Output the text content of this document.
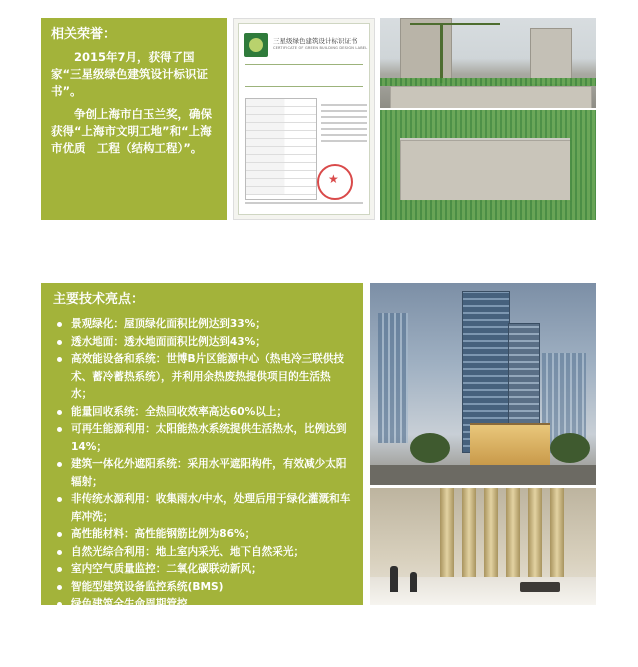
相关荣誉：

2015年7月，获得了国家“三星级绿色建筑设计标识证书”。

争创上海市白玉兰奖，确保获得“上海市文明工地”和“上海市优质　工程（结构工程）”。

三星级绿色建筑设计标识证书
CERTIFICATE OF GREEN BUILDING DESIGN LABEL
★
主要技术亮点：
景观绿化：屋顶绿化面积比例达到33%；
透水地面：透水地面面积比例达到43%；
高效能设备和系统：世博B片区能源中心（热电冷三联供技术、蓄冷蓄热系统），并利用余热废热提供项目的生活热水；
能量回收系统：全热回收效率高达60%以上；
可再生能源利用：太阳能热水系统提供生活热水，比例达到14%；
建筑一体化外遮阳系统：采用水平遮阳构件，有效减少太阳辐射；
非传统水源利用：收集雨水/中水，处理后用于绿化灌溉和车库冲洗；
高性能材料：高性能钢筋比例为86%；
自然光综合利用：地上室内采光、地下自然采光；
室内空气质量监控：二氧化碳联动新风；
智能型建筑设备监控系统(BMS)
绿色建筑全生命周期管控
